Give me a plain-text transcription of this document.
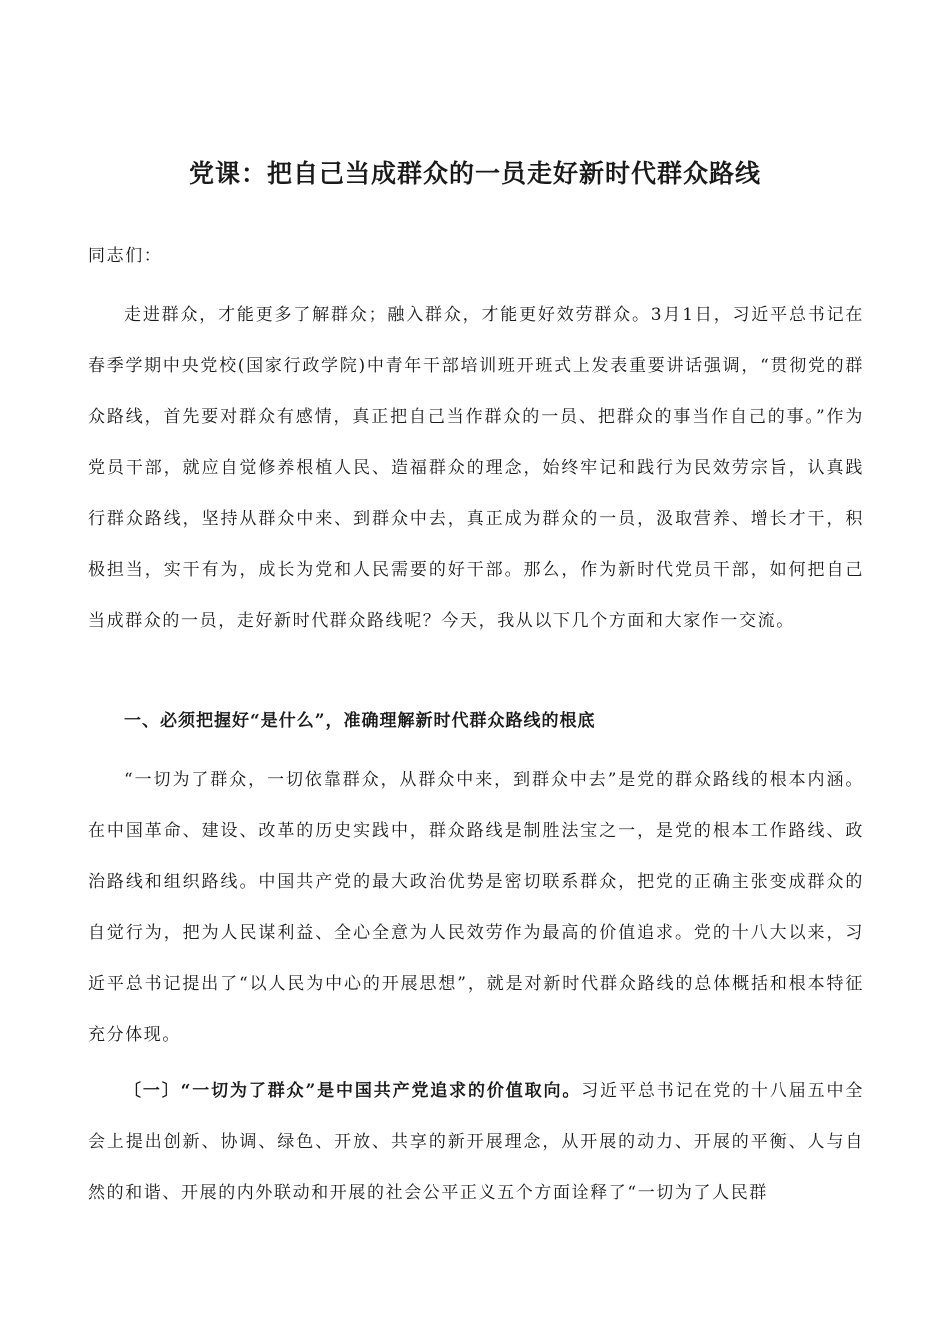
党课：把自己当成群众的一员走好新时代群众路线

同志们：

走进群众，才能更多了解群众；融入群众，才能更好效劳群众。3月1日，习近平总书记在春季学期中央党校(国家行政学院)中青年干部培训班开班式上发表重要讲话强调，“贯彻党的群众路线，首先要对群众有感情，真正把自己当作群众的一员、把群众的事当作自己的事。”作为党员干部，就应自觉修养根植人民、造福群众的理念，始终牢记和践行为民效劳宗旨，认真践行群众路线，坚持从群众中来、到群众中去，真正成为群众的一员，汲取营养、增长才干，积极担当，实干有为，成长为党和人民需要的好干部。那么，作为新时代党员干部，如何把自己当成群众的一员，走好新时代群众路线呢？今天，我从以下几个方面和大家作一交流。

一、必须把握好“是什么”，准确理解新时代群众路线的根底

“一切为了群众，一切依靠群众，从群众中来，到群众中去”是党的群众路线的根本内涵。在中国革命、建设、改革的历史实践中，群众路线是制胜法宝之一，是党的根本工作路线、政治路线和组织路线。中国共产党的最大政治优势是密切联系群众，把党的正确主张变成群众的自觉行为，把为人民谋利益、全心全意为人民效劳作为最高的价值追求。党的十八大以来，习近平总书记提出了“以人民为中心的开展思想”，就是对新时代群众路线的总体概括和根本特征充分体现。

〔一〕“一切为了群众”是中国共产党追求的价值取向。习近平总书记在党的十八届五中全会上提出创新、协调、绿色、开放、共享的新开展理念，从开展的动力、开展的平衡、人与自然的和谐、开展的内外联动和开展的社会公平正义五个方面诠释了“一切为了人民群
